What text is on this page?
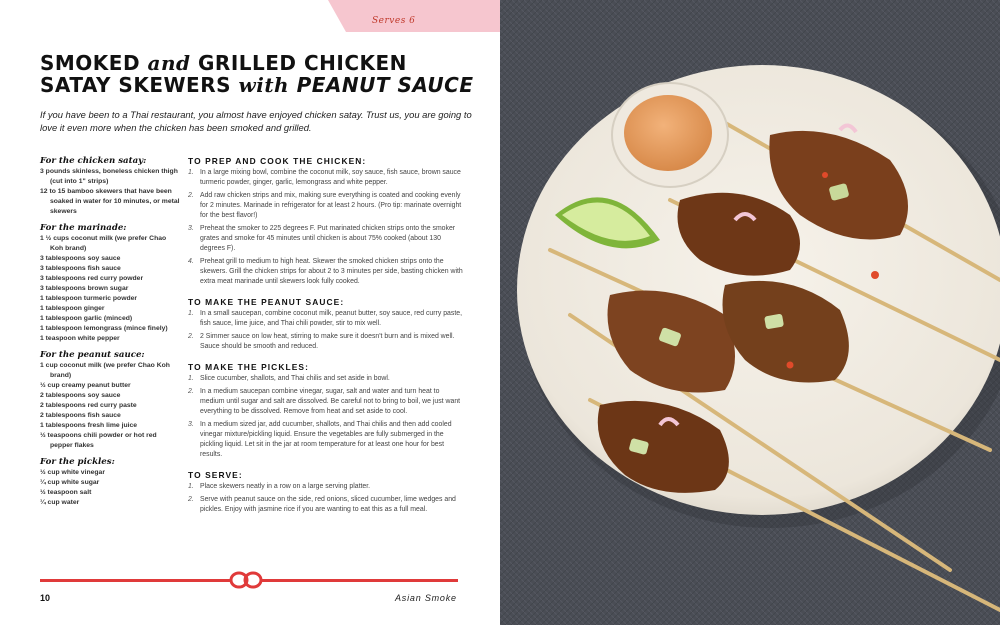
Serves 6
SMOKED and GRILLED CHICKEN SATAY SKEWERS with PEANUT SAUCE
If you have been to a Thai restaurant, you almost have enjoyed chicken satay. Trust us, you are going to love it even more when the chicken has been smoked and grilled.
For the chicken satay:
3 pounds skinless, boneless chicken thigh (cut into 1" strips)
12 to 15 bamboo skewers that have been soaked in water for 10 minutes, or metal skewers
For the marinade:
1 ½ cups coconut milk (we prefer Chao Koh brand)
3 tablespoons soy sauce
3 tablespoons fish sauce
3 tablespoons red curry powder
3 tablespoons brown sugar
1 tablespoon turmeric powder
1 tablespoon ginger
1 tablespoon garlic (minced)
1 tablespoon lemongrass (mince finely)
1 teaspoon white pepper
For the peanut sauce:
1 cup coconut milk (we prefer Chao Koh brand)
½ cup creamy peanut butter
2 tablespoons soy sauce
2 tablespoons red curry paste
2 tablespoons fish sauce
1 tablespoons fresh lime juice
½ teaspoons chili powder or hot red pepper flakes
For the pickles:
½ cup white vinegar
¼ cup white sugar
½ teaspoon salt
¼ cup water
TO PREP AND COOK THE CHICKEN:
1. In a large mixing bowl, combine the coconut milk, soy sauce, fish sauce, brown sauce turmeric powder, ginger, garlic, lemongrass and white pepper.
2. Add raw chicken strips and mix, making sure everything is coated and cooking evenly for 2 minutes. Marinade in refrigerator for at least 2 hours. (Pro tip: marinate overnight for the best flavor!)
3. Preheat the smoker to 225 degrees F. Put marinated chicken strips onto the smoker grates and smoke for 45 minutes until chicken is about 75% cooked (about 130 degrees F).
4. Preheat grill to medium to high heat. Skewer the smoked chicken strips onto the skewers. Grill the chicken strips for about 2 to 3 minutes per side, basting chicken with extra meat marinade until skewers look fully cooked.
TO MAKE THE PEANUT SAUCE:
1. In a small saucepan, combine coconut milk, peanut butter, soy sauce, red curry paste, fish sauce, lime juice, and Thai chili powder, stir to mix well.
2. 2 Simmer sauce on low heat, stirring to make sure it doesn't burn and is mixed well. Sauce should be smooth and reduced.
TO MAKE THE PICKLES:
1. Slice cucumber, shallots, and Thai chilis and set aside in bowl.
2. In a medium saucepan combine vinegar, sugar, salt and water and turn heat to medium until sugar and salt are dissolved. Be careful not to bring to boil, we just want everything to be dissolved. Remove from heat and set aside to cool.
3. In a medium sized jar, add cucumber, shallots, and Thai chilis and then add cooled vinegar mixture/pickling liquid. Ensure the vegetables are fully submerged in the pickling liquid. Let sit in the jar at room temperature for at least one hour for best results.
TO SERVE:
1. Place skewers neatly in a row on a large serving platter.
2. Serve with peanut sauce on the side, red onions, sliced cucumber, lime wedges and pickles. Enjoy with jasmine rice if you are wanting to eat this as a full meal.
10	Asian Smoke
